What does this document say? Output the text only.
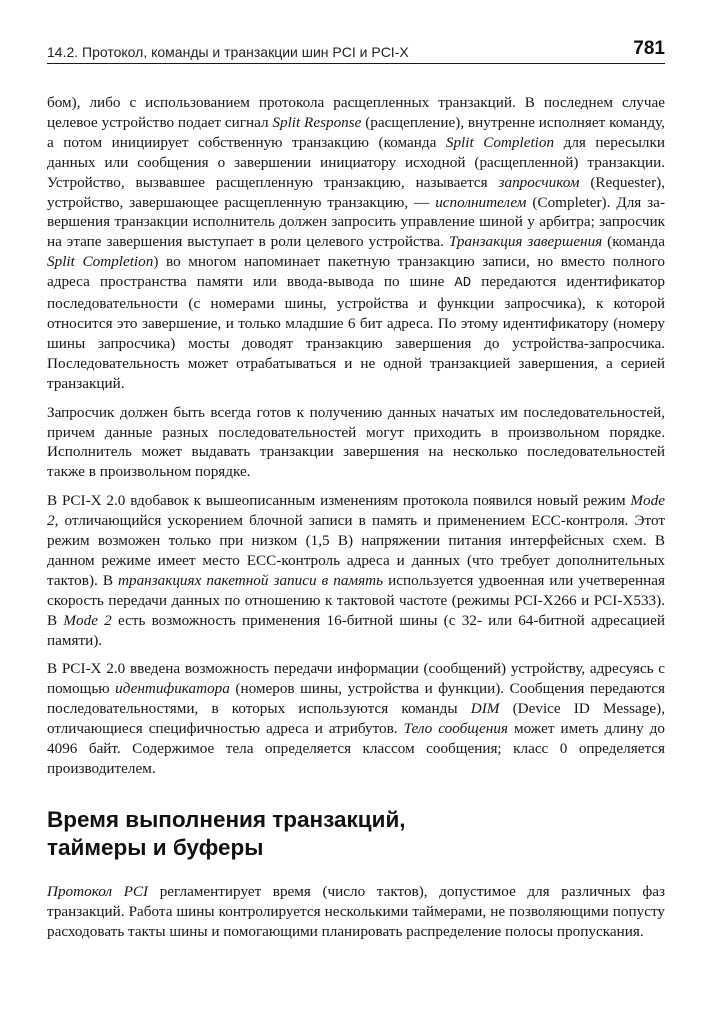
14.2. Протокол, команды и транзакции шин PCI и PCI-X	781

бом), либо с использованием протокола расщепленных транзакций. В последнем случае целевое устройство подает сигнал Split Response (расщепление), внутренне исполняет команду, а потом инициирует собственную транзакцию (команда Split Completion для пересылки данных или сообщения о завершении инициатору исходной (расщепленной) транзакции. Устройство, вызвавшее расщепленную транзакцию, называется запросчиком (Requester), устройство, завершающее расщепленную транзакцию, — исполнителем (Completer). Для завершения транзакции исполнитель должен запросить управление шиной у арбитра; запросчик на этапе завершения выступает в роли целевого устройства. Транзакция завершения (команда Split Completion) во многом напоминает пакетную транзакцию записи, но вместо полного адреса пространства памяти или ввода-вывода по шине AD передаются идентификатор последовательности (с номерами шины, устройства и функции запросчика), к которой относится это завершение, и только младшие 6 бит адреса. По этому идентификатору (номеру шины запросчика) мосты доводят транзакцию завершения до устройства-запросчика. Последовательность может отрабатываться и не одной транзакцией завершения, а серией транзакций.

Запросчик должен быть всегда готов к получению данных начатых им последовательностей, причем данные разных последовательностей могут приходить в произвольном порядке. Исполнитель может выдавать транзакции завершения на несколько последовательностей также в произвольном порядке.

В PCI-X 2.0 вдобавок к вышеописанным изменениям протокола появился новый режим Mode 2, отличающийся ускорением блочной записи в память и применением ECC-контроля. Этот режим возможен только при низком (1,5 В) напряжении питания интерфейсных схем. В данном режиме имеет место ECC-контроль адреса и данных (что требует дополнительных тактов). В транзакциях пакетной записи в память используется удвоенная или учетверенная скорость передачи данных по отношению к тактовой частоте (режимы PCI-X266 и PCI-X533). В Mode 2 есть возможность применения 16-битной шины (с 32- или 64-битной адресацией памяти).

В PCI-X 2.0 введена возможность передачи информации (сообщений) устройству, адресуясь с помощью идентификатора (номеров шины, устройства и функции). Сообщения передаются последовательностями, в которых используются команды DIM (Device ID Message), отличающиеся специфичностью адреса и атрибутов. Тело сообщения может иметь длину до 4096 байт. Содержимое тела определяется классом сообщения; класс 0 определяется производителем.

Время выполнения транзакций,
таймеры и буферы

Протокол PCI регламентирует время (число тактов), допустимое для различных фаз транзакций. Работа шины контролируется несколькими таймерами, не позволяющими попусту расходовать такты шины и помогающими планировать распределение полосы пропускания.
